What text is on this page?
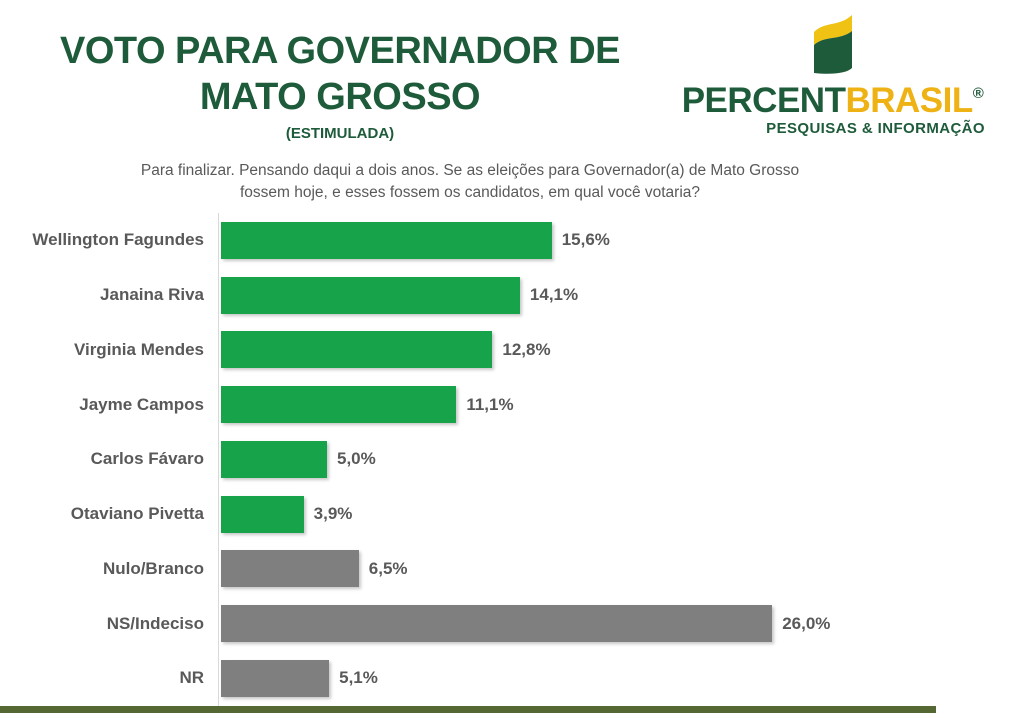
VOTO PARA GOVERNADOR DE
MATO GROSSO
(ESTIMULADA)
PERCENTBRASIL®
PESQUISAS & INFORMAÇÃO
Para finalizar. Pensando daqui a dois anos. Se as eleições para Governador(a) de Mato Grosso
fossem hoje, e esses fossem os candidatos, em qual você votaria?
Wellington Fagundes	15,6%
Janaina Riva	14,1%
Virginia Mendes	12,8%
Jayme Campos	11,1%
Carlos Fávaro	5,0%
Otaviano Pivetta	3,9%
Nulo/Branco	6,5%
NS/Indeciso	26,0%
NR	5,1%
